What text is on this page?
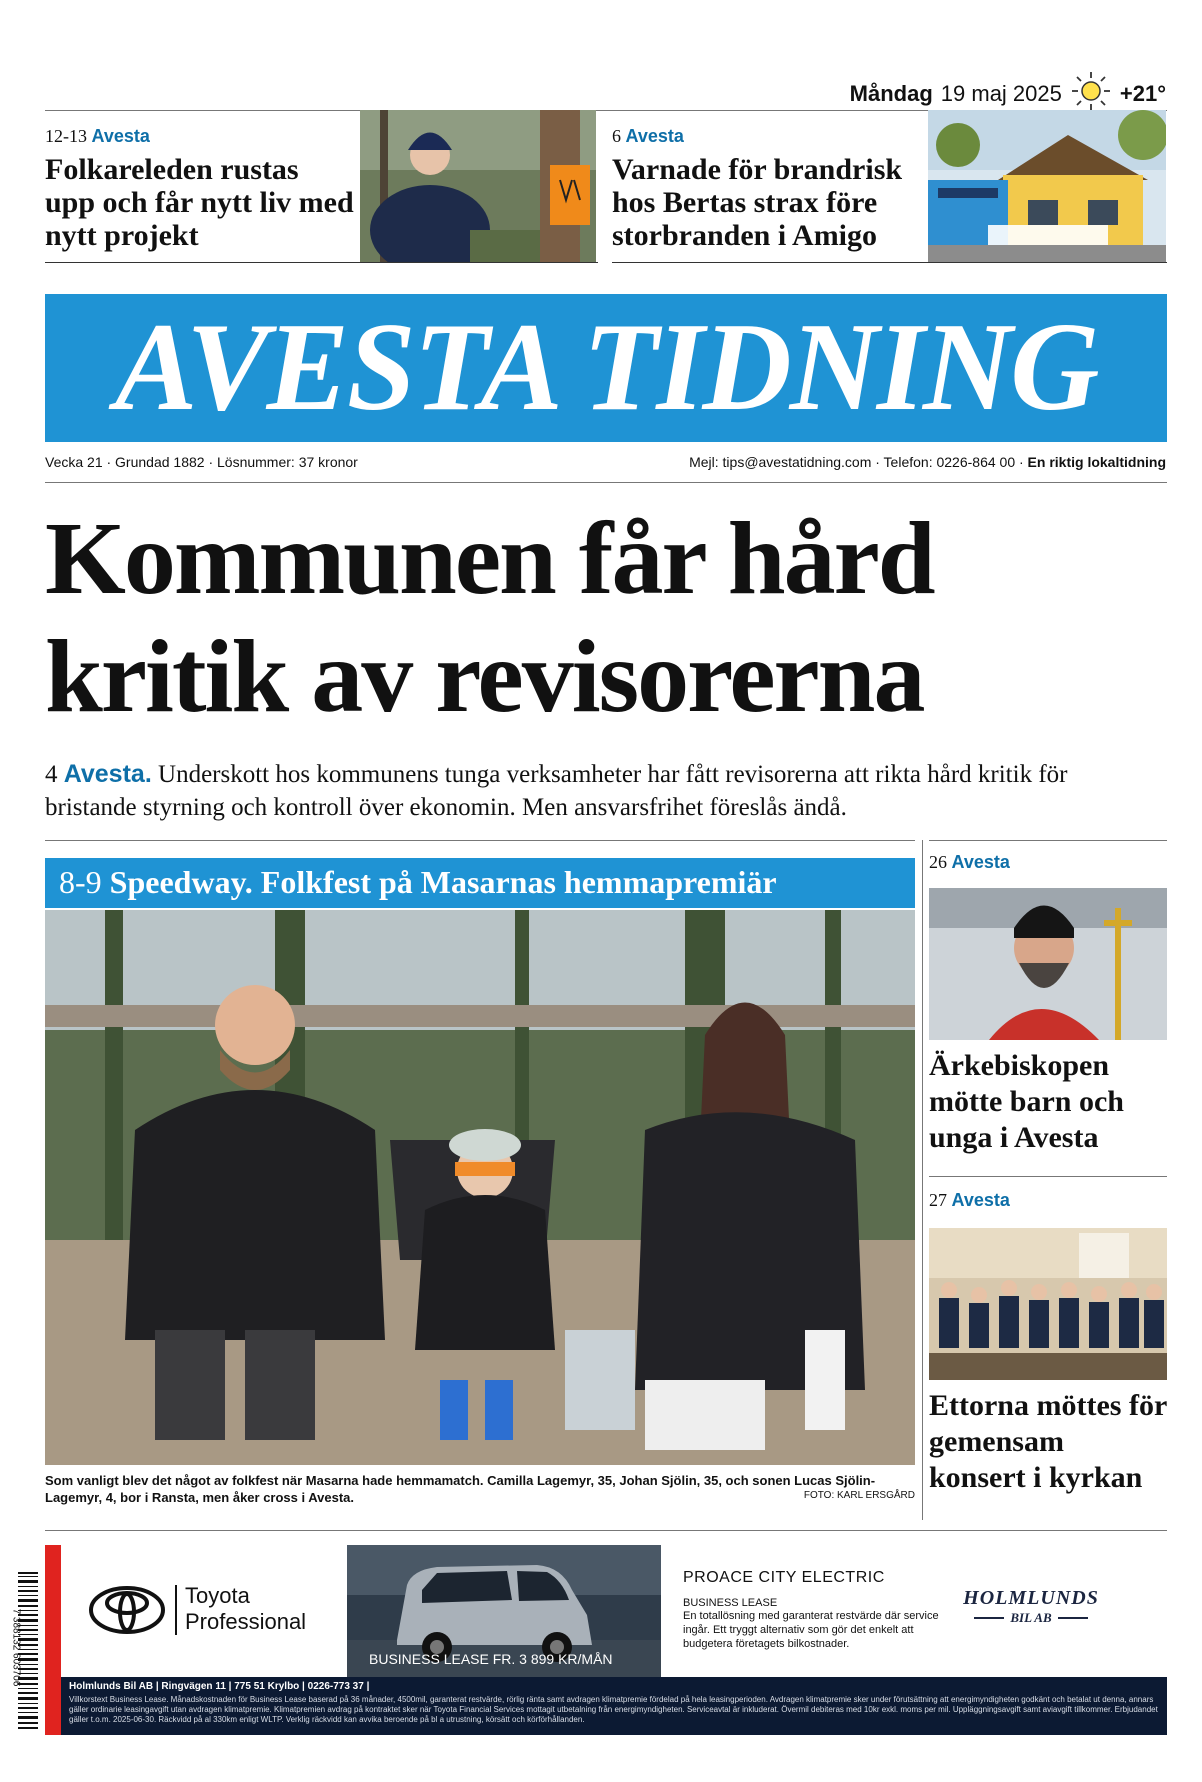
Måndag 19 maj 2025	+21°
12-13 Avesta
Folkareleden rustas upp och får nytt liv med nytt projekt
6 Avesta
Varnade för brandrisk hos Bertas strax före storbranden i Amigo
AVESTA TIDNING
Vecka 21 · Grundad 1882 · Lösnummer: 37 kronor	Mejl: tips@avestatidning.com · Telefon: 0226-864 00 · En riktig lokaltidning
Kommunen får hård kritik av revisorerna
4 Avesta. Underskott hos kommunens tunga verksamheter har fått revisorerna att rikta hård kritik för bristande styrning och kontroll över ekonomin. Men ansvarsfrihet föreslås ändå.
8-9 Speedway. Folkfest på Masarnas hemmapremiär
Som vanligt blev det något av folkfest när Masarna hade hemmamatch. Camilla Lagemyr, 35, Johan Sjölin, 35, och sonen Lucas Sjölin-Lagemyr, 4, bor i Ransta, men åker cross i Avesta.	FOTO: KARL ERSGÅRD
26 Avesta
Ärkebiskopen mötte barn och unga i Avesta
27 Avesta
Ettorna möttes för gemensam konsert i kyrkan
7 388132 603706
Toyota
Professional
BUSINESS LEASE FR. 3 899 KR/MÅN
PROACE CITY ELECTRIC
BUSINESS LEASE
En totallösning med garanterat restvärde där service ingår. Ett tryggt alternativ som gör det enkelt att budgetera företagets bilkostnader.
HOLMLUNDS
BIL AB
Holmlunds Bil AB | Ringvägen 11 | 775 51 Krylbo | 0226-773 37 |
Villkorstext Business Lease. Månadskostnaden för Business Lease baserad på 36 månader, 4500mil, garanterat restvärde, rörlig ränta samt avdragen klimatpremie fördelad på hela leasingperioden. Avdragen klimatpremie sker under förutsättning att energimyndigheten godkänt och betalat ut denna, annars gäller ordinarie leasingavgift utan avdragen klimatpremie. Klimatpremien avdrag på kontraktet sker när Toyota Financial Services mottagit utbetalning från energimyndigheten. Serviceavtal är inkluderat. Övermil debiteras med 10kr exkl. moms per mil. Uppläggningsavgift samt aviavgift tillkommer. Erbjudandet gäller t.o.m. 2025-06-30. Räckvidd på al 330km enligt WLTP. Verklig räckvidd kan avvika beroende på bl a utrustning, körsätt och körförhållanden.
